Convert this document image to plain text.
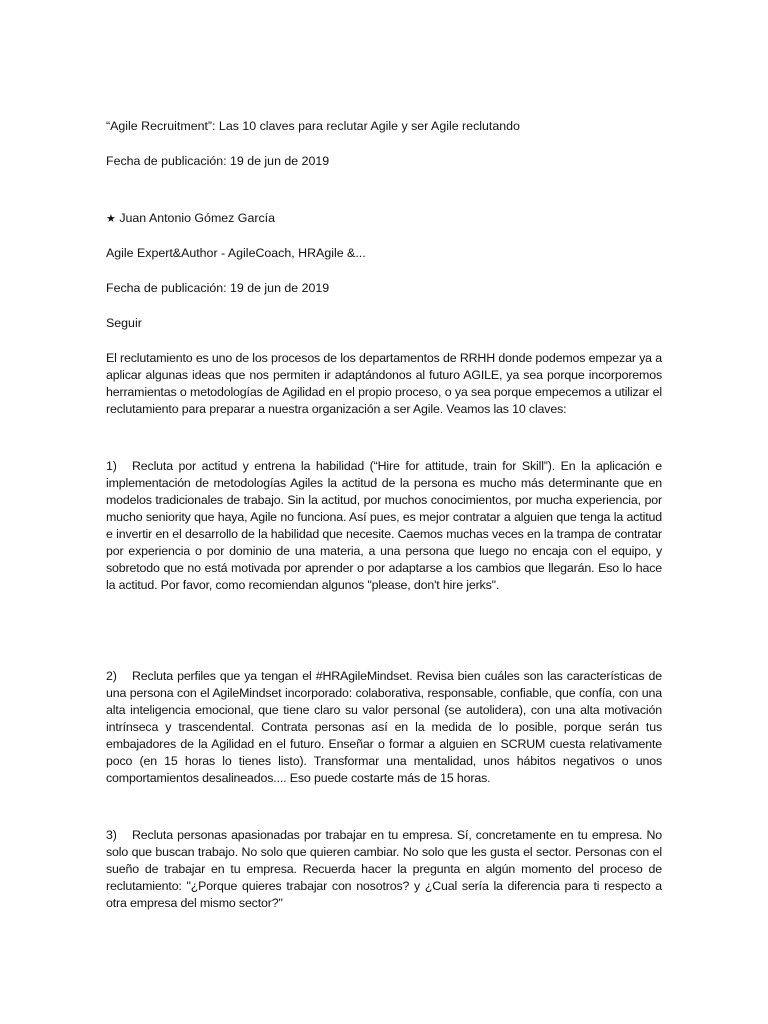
“Agile Recruitment”: Las 10 claves para reclutar Agile y ser Agile reclutando

Fecha de publicación: 19 de jun de 2019

★ Juan Antonio Gómez García

Agile Expert&Author - AgileCoach, HRAgile &...

Fecha de publicación: 19 de jun de 2019

Seguir

El reclutamiento es uno de los procesos de los departamentos de RRHH donde podemos empezar ya a aplicar algunas ideas que nos permiten ir adaptándonos al futuro AGILE, ya sea porque incorporemos herramientas o metodologías de Agilidad en el propio proceso, o ya sea porque empecemos a utilizar el reclutamiento para preparar a nuestra organización a ser Agile. Veamos las 10 claves:

1) Recluta por actitud y entrena la habilidad (“Hire for attitude, train for Skill”). En la aplicación e implementación de metodologías Agiles la actitud de la persona es mucho más determinante que en modelos tradicionales de trabajo. Sin la actitud, por muchos conocimientos, por mucha experiencia, por mucho seniority que haya, Agile no funciona. Así pues, es mejor contratar a alguien que tenga la actitud e invertir en el desarrollo de la habilidad que necesite. Caemos muchas veces en la trampa de contratar por experiencia o por dominio de una materia, a una persona que luego no encaja con el equipo, y sobretodo que no está motivada por aprender o por adaptarse a los cambios que llegarán. Eso lo hace la actitud. Por favor, como recomiendan algunos "please, don't hire jerks".

2) Recluta perfiles que ya tengan el #HRAgileMindset. Revisa bien cuáles son las características de una persona con el AgileMindset incorporado: colaborativa, responsable, confiable, que confía, con una alta inteligencia emocional, que tiene claro su valor personal (se autolidera), con una alta motivación intrínseca y trascendental. Contrata personas así en la medida de lo posible, porque serán tus embajadores de la Agilidad en el futuro. Enseñar o formar a alguien en SCRUM cuesta relativamente poco (en 15 horas lo tienes listo). Transformar una mentalidad, unos hábitos negativos o unos comportamientos desalineados.... Eso puede costarte más de 15 horas.

3) Recluta personas apasionadas por trabajar en tu empresa. Sí, concretamente en tu empresa. No solo que buscan trabajo. No solo que quieren cambiar. No solo que les gusta el sector. Personas con el sueño de trabajar en tu empresa. Recuerda hacer la pregunta en algún momento del proceso de reclutamiento: "¿Porque quieres trabajar con nosotros? y ¿Cual sería la diferencia para ti respecto a otra empresa del mismo sector?"
